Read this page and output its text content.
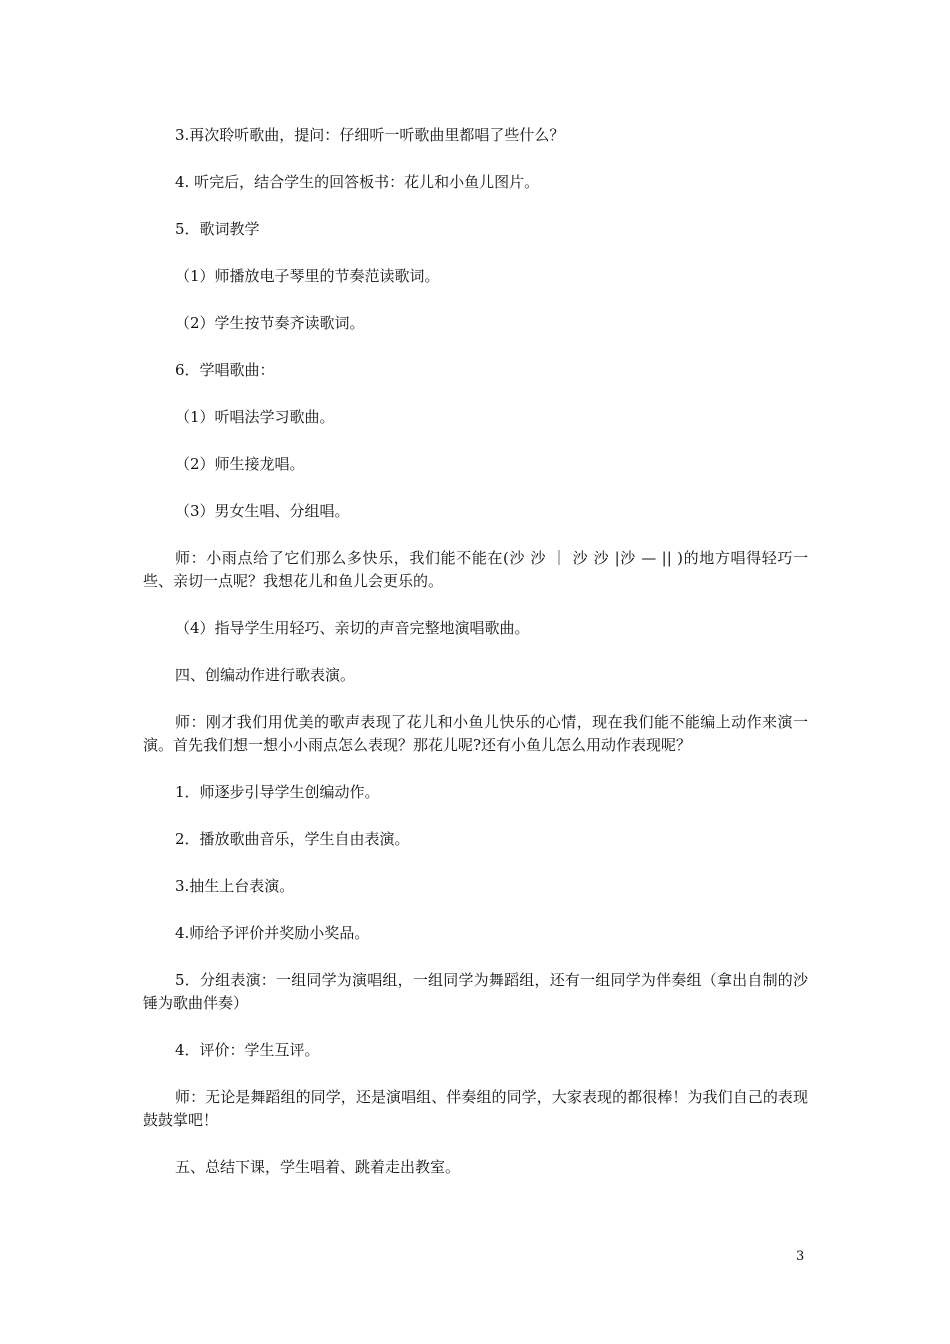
3.再次聆听歌曲，提问：仔细听一听歌曲里都唱了些什么？

4. 听完后，结合学生的回答板书：花儿和小鱼儿图片。

5．歌词教学

（1）师播放电子琴里的节奏范读歌词。

（2）学生按节奏齐读歌词。

6．学唱歌曲：

（1）听唱法学习歌曲。

（2）师生接龙唱。

（3）男女生唱、分组唱。

师：小雨点给了它们那么多快乐，我们能不能在(沙 沙 ｜ 沙 沙 |沙 — || )的地方唱得轻巧一些、亲切一点呢？我想花儿和鱼儿会更乐的。

（4）指导学生用轻巧、亲切的声音完整地演唱歌曲。

四、创编动作进行歌表演。

师：刚才我们用优美的歌声表现了花儿和小鱼儿快乐的心情，现在我们能不能编上动作来演一演。首先我们想一想小小雨点怎么表现？那花儿呢?还有小鱼儿怎么用动作表现呢？

1．师逐步引导学生创编动作。

2．播放歌曲音乐，学生自由表演。

3.抽生上台表演。

4.师给予评价并奖励小奖品。

5．分组表演：一组同学为演唱组，一组同学为舞蹈组，还有一组同学为伴奏组（拿出自制的沙锤为歌曲伴奏）

4．评价：学生互评。

师：无论是舞蹈组的同学，还是演唱组、伴奏组的同学，大家表现的都很棒！为我们自己的表现鼓鼓掌吧！

五、总结下课，学生唱着、跳着走出教室。

3
